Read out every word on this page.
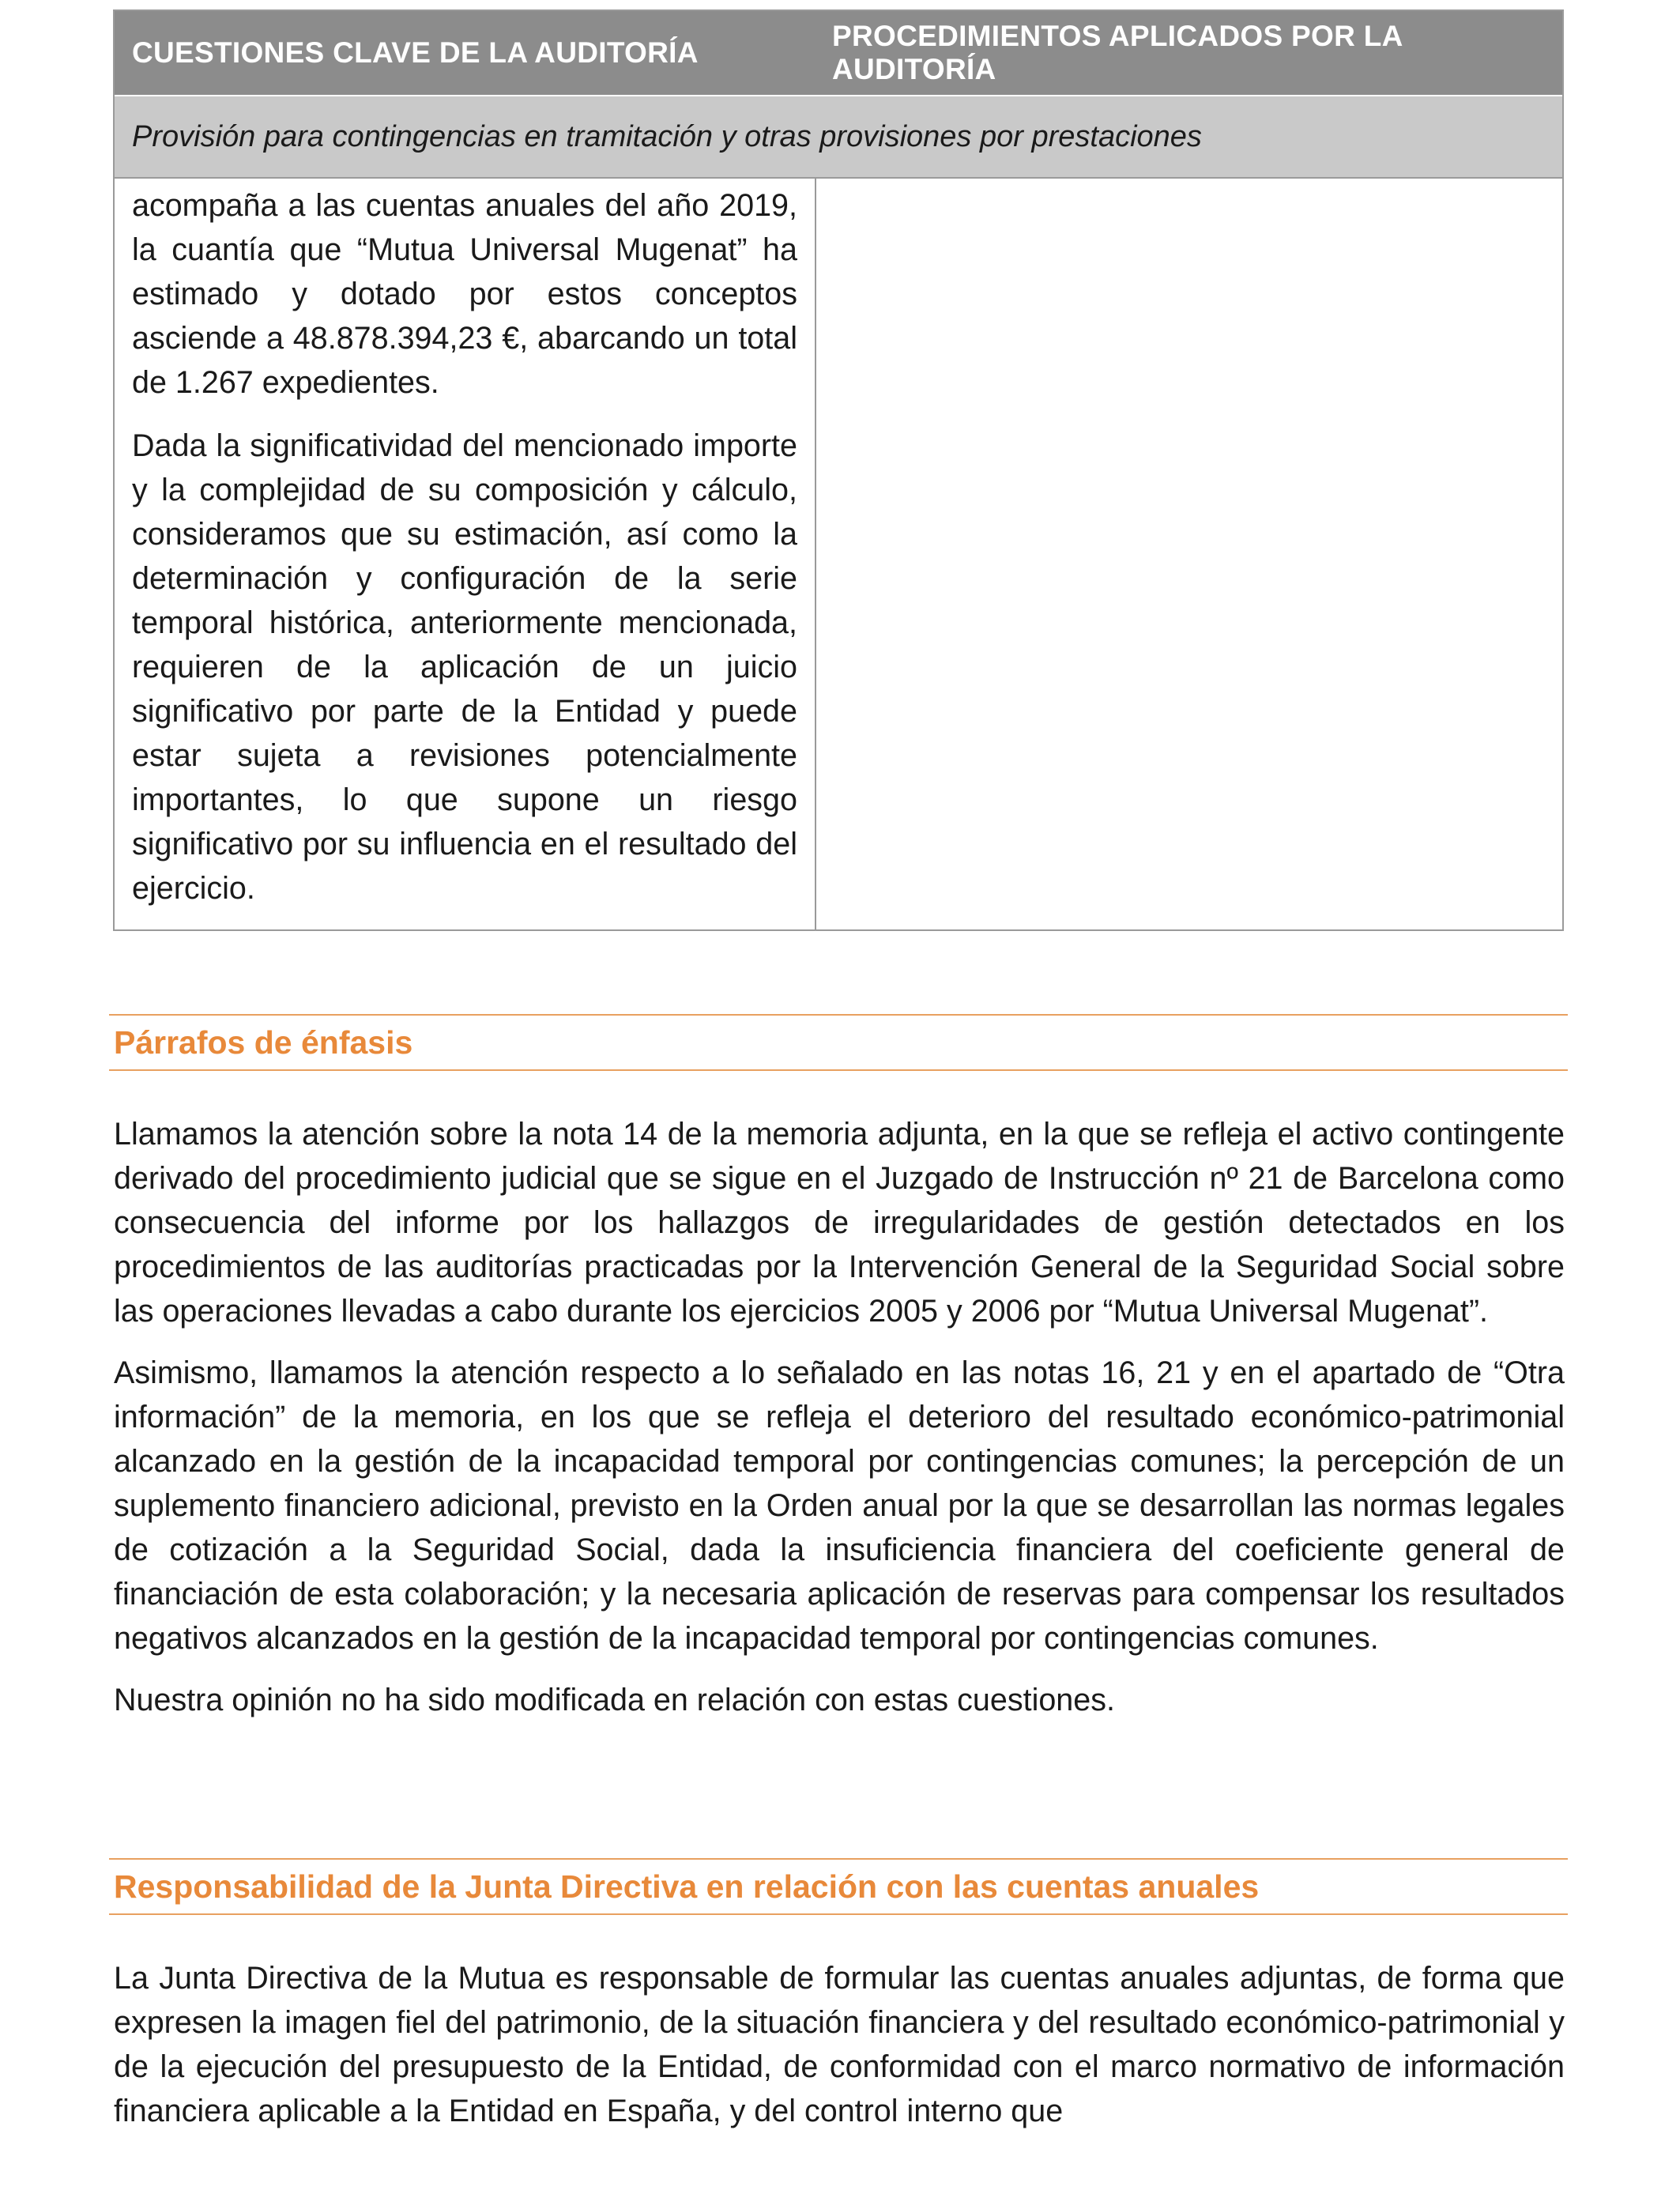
CUESTIONES CLAVE DE LA AUDITORÍA
PROCEDIMIENTOS APLICADOS POR LA AUDITORÍA
Provisión para contingencias en tramitación y otras provisiones por prestaciones

acompaña a las cuentas anuales del año 2019, la cuantía que “Mutua Universal Mugenat” ha estimado y dotado por estos conceptos asciende a 48.878.394,23 €, abarcando un total de 1.267 expedientes.

Dada la significatividad del mencionado importe y la complejidad de su composición y cálculo, consideramos que su estimación, así como la determinación y configuración de la serie temporal histórica, anteriormente mencionada, requieren de la aplicación de un juicio significativo por parte de la Entidad y puede estar sujeta a revisiones potencialmente importantes, lo que supone un riesgo significativo por su influencia en el resultado del ejercicio.

Párrafos de énfasis

Llamamos la atención sobre la nota 14 de la memoria adjunta, en la que se refleja el activo contingente derivado del procedimiento judicial que se sigue en el Juzgado de Instrucción nº 21 de Barcelona como consecuencia del informe por los hallazgos de irregularidades de gestión detectados en los procedimientos de las auditorías practicadas por la Intervención General de la Seguridad Social sobre las operaciones llevadas a cabo durante los ejercicios 2005 y 2006 por “Mutua Universal Mugenat”.

Asimismo, llamamos la atención respecto a lo señalado en las notas 16, 21 y en el apartado de “Otra información” de la memoria, en los que se refleja el deterioro del resultado económico-patrimonial alcanzado en la gestión de la incapacidad temporal por contingencias comunes; la percepción de un suplemento financiero adicional, previsto en la Orden anual por la que se desarrollan las normas legales de cotización a la Seguridad Social, dada la insuficiencia financiera del coeficiente general de financiación de esta colaboración; y la necesaria aplicación de reservas para compensar los resultados negativos alcanzados en la gestión de la incapacidad temporal por contingencias comunes.

Nuestra opinión no ha sido modificada en relación con estas cuestiones.

Responsabilidad de la Junta Directiva en relación con las cuentas anuales

La Junta Directiva de la Mutua es responsable de formular las cuentas anuales adjuntas, de forma que expresen la imagen fiel del patrimonio, de la situación financiera y del resultado económico-patrimonial y de la ejecución del presupuesto de la Entidad, de conformidad con el marco normativo de información financiera aplicable a la Entidad en España, y del control interno que
